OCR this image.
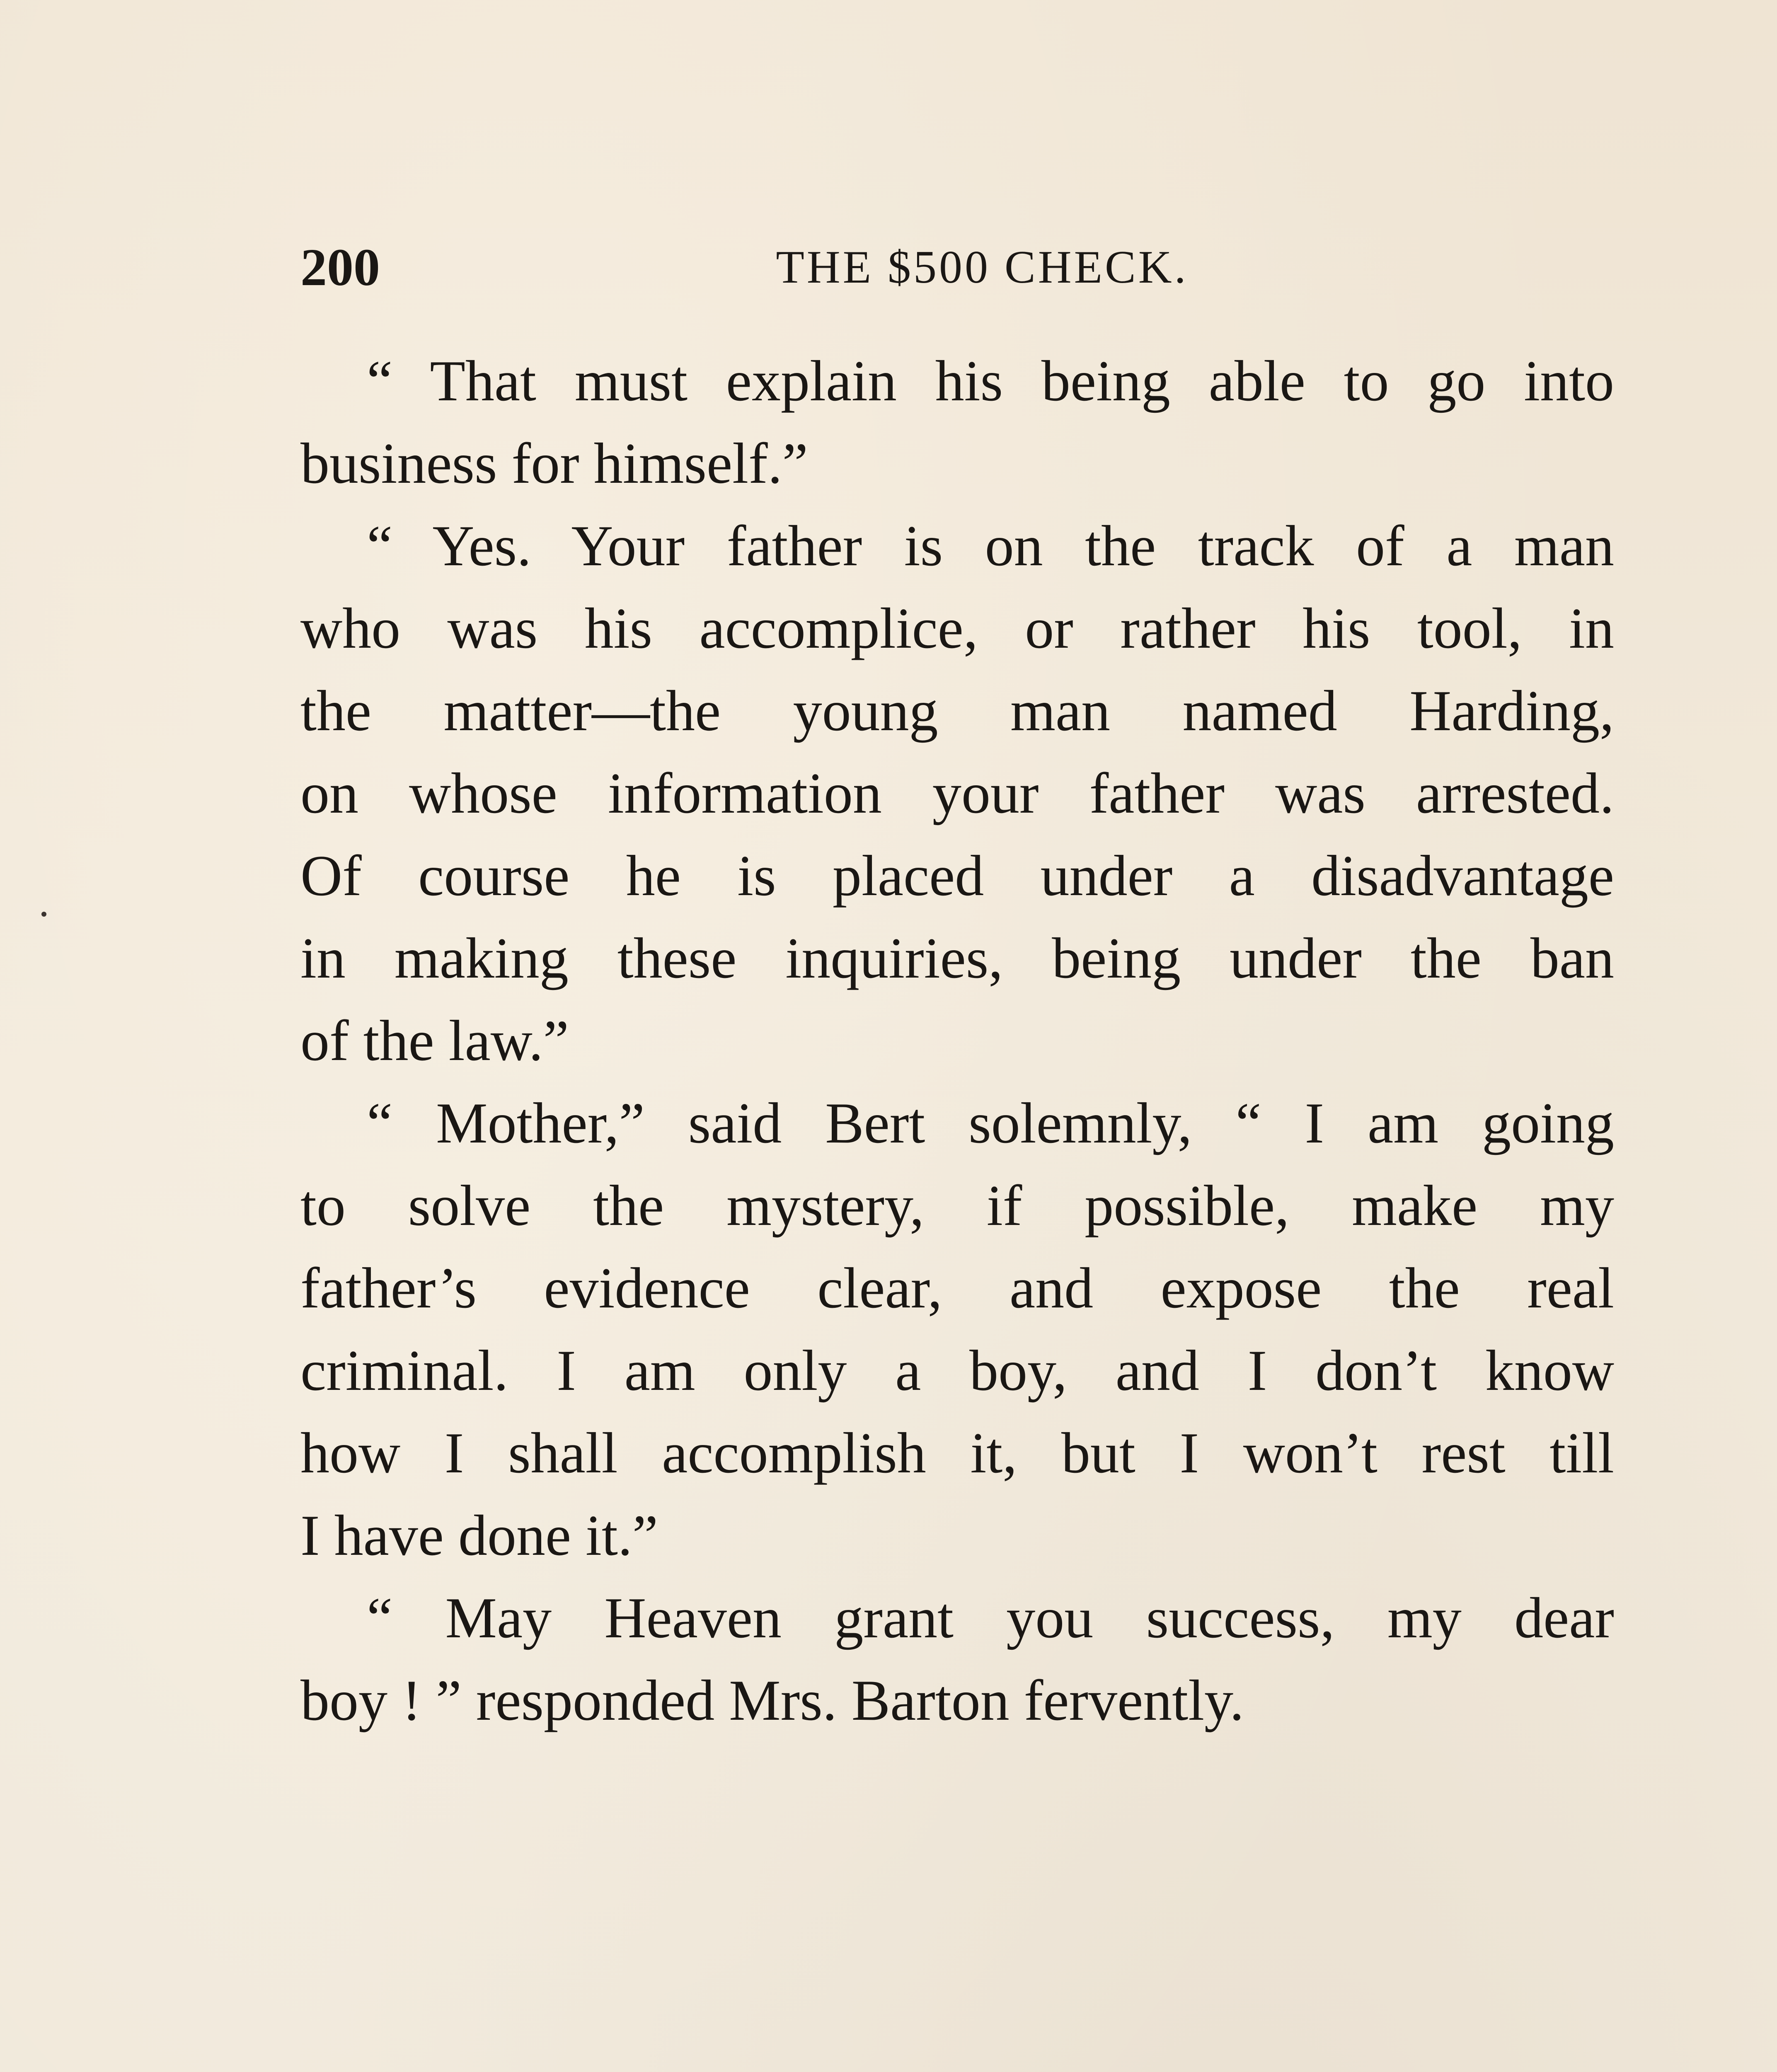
200	THE $500 CHECK.

“ That must explain his being able to go into
business for himself.”

“ Yes. Your father is on the track of a man
who was his accomplice, or rather his tool, in
the matter—the young man named Harding,
on whose information your father was arrested.
Of course he is placed under a disadvantage
in making these inquiries, being under the ban
of the law.”

“ Mother,” said Bert solemnly, “ I am going
to solve the mystery, if possible, make my
father’s evidence clear, and expose the real
criminal. I am only a boy, and I don’t know
how I shall accomplish it, but I won’t rest till
I have done it.”

“ May Heaven grant you success, my dear
boy ! ” responded Mrs. Barton fervently.
